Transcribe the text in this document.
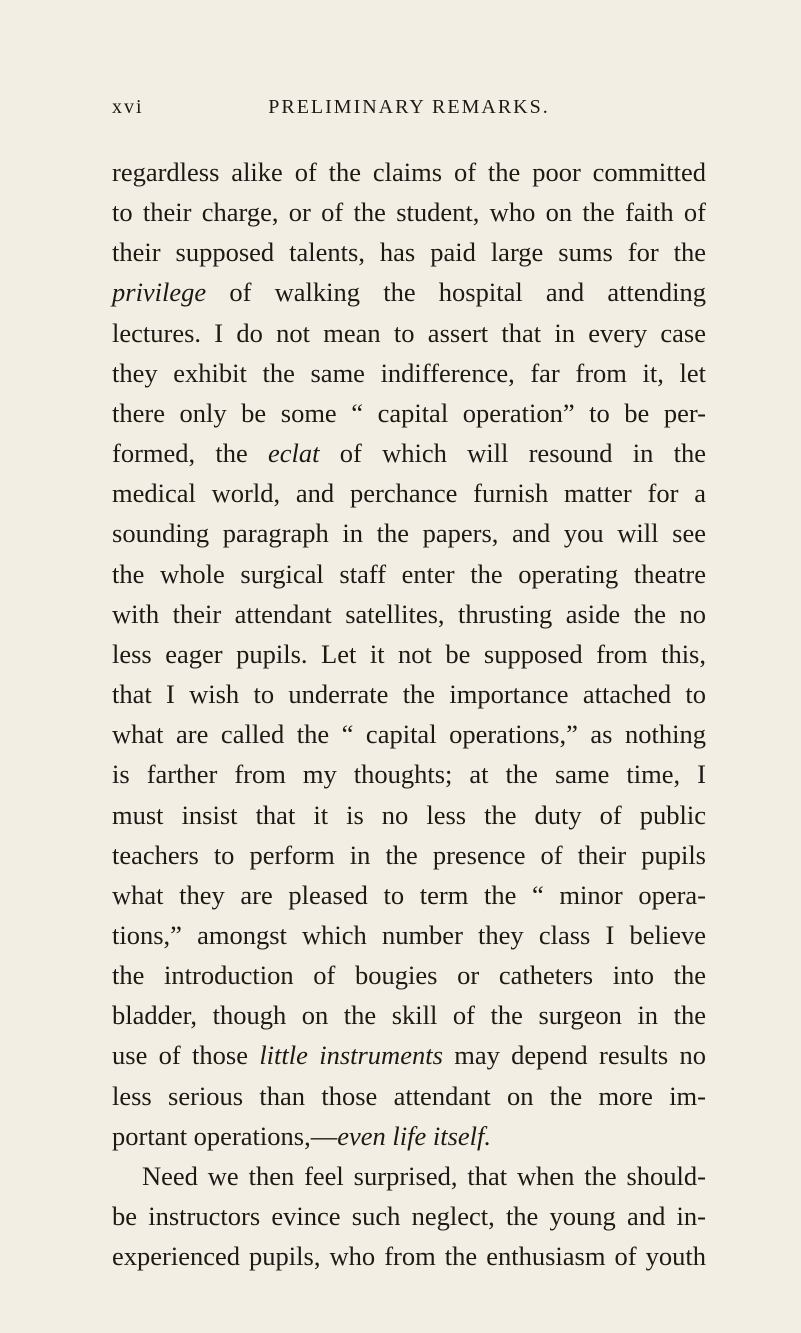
xvi	PRELIMINARY REMARKS.
regardless alike of the claims of the poor committed
to their charge, or of the student, who on the faith of
their supposed talents, has paid large sums for the
privilege of walking the hospital and attending
lectures. I do not mean to assert that in every case
they exhibit the same indifference, far from it, let
there only be some “ capital operation” to be per-
formed, the eclat of which will resound in the
medical world, and perchance furnish matter for a
sounding paragraph in the papers, and you will see
the whole surgical staff enter the operating theatre
with their attendant satellites, thrusting aside the no
less eager pupils. Let it not be supposed from this,
that I wish to underrate the importance attached to
what are called the “ capital operations,” as nothing
is farther from my thoughts; at the same time, I
must insist that it is no less the duty of public
teachers to perform in the presence of their pupils
what they are pleased to term the “ minor opera-
tions,” amongst which number they class I believe
the introduction of bougies or catheters into the
bladder, though on the skill of the surgeon in the
use of those little instruments may depend results no
less serious than those attendant on the more im-
portant operations,—even life itself.
Need we then feel surprised, that when the should-
be instructors evince such neglect, the young and in-
experienced pupils, who from the enthusiasm of youth
